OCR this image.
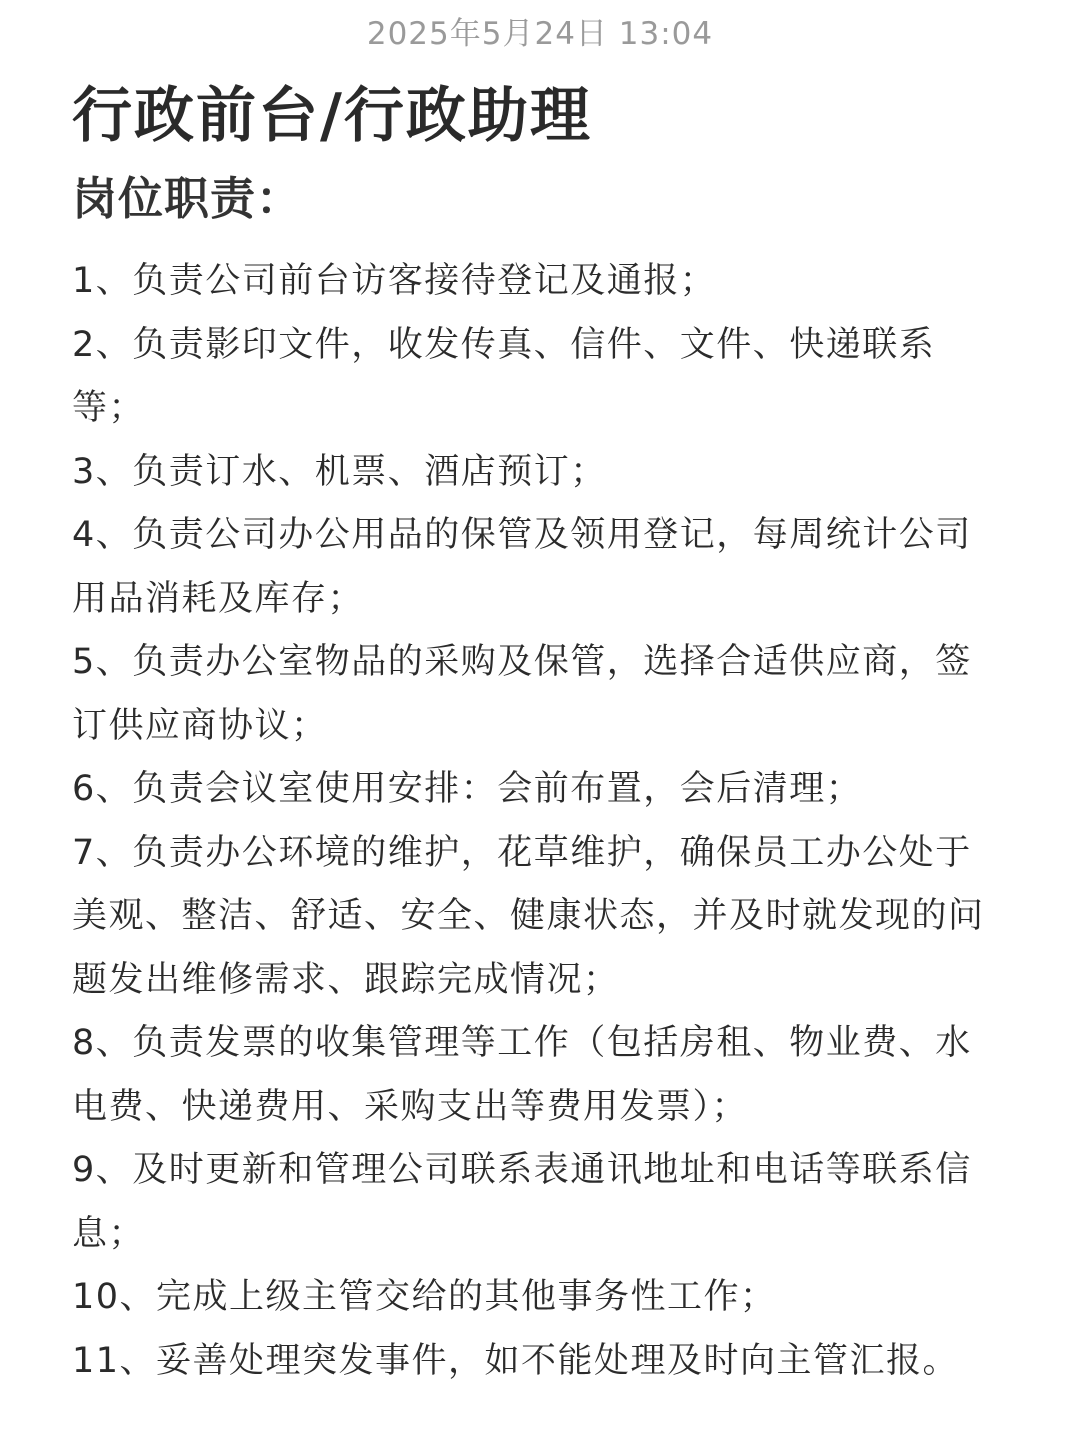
2025年5月24日 13:04
行政前台/行政助理
岗位职责：
1、负责公司前台访客接待登记及通报；
2、负责影印文件，收发传真、信件、文件、快递联系等；
3、负责订水、机票、酒店预订；
4、负责公司办公用品的保管及领用登记，每周统计公司用品消耗及库存；
5、负责办公室物品的采购及保管，选择合适供应商，签订供应商协议；
6、负责会议室使用安排：会前布置，会后清理；
7、负责办公环境的维护，花草维护，确保员工办公处于美观、整洁、舒适、安全、健康状态，并及时就发现的问题发出维修需求、跟踪完成情况；
8、负责发票的收集管理等工作（包括房租、物业费、水电费、快递费用、采购支出等费用发票）；
9、及时更新和管理公司联系表通讯地址和电话等联系信息；
10、完成上级主管交给的其他事务性工作；
11、妥善处理突发事件，如不能处理及时向主管汇报。
